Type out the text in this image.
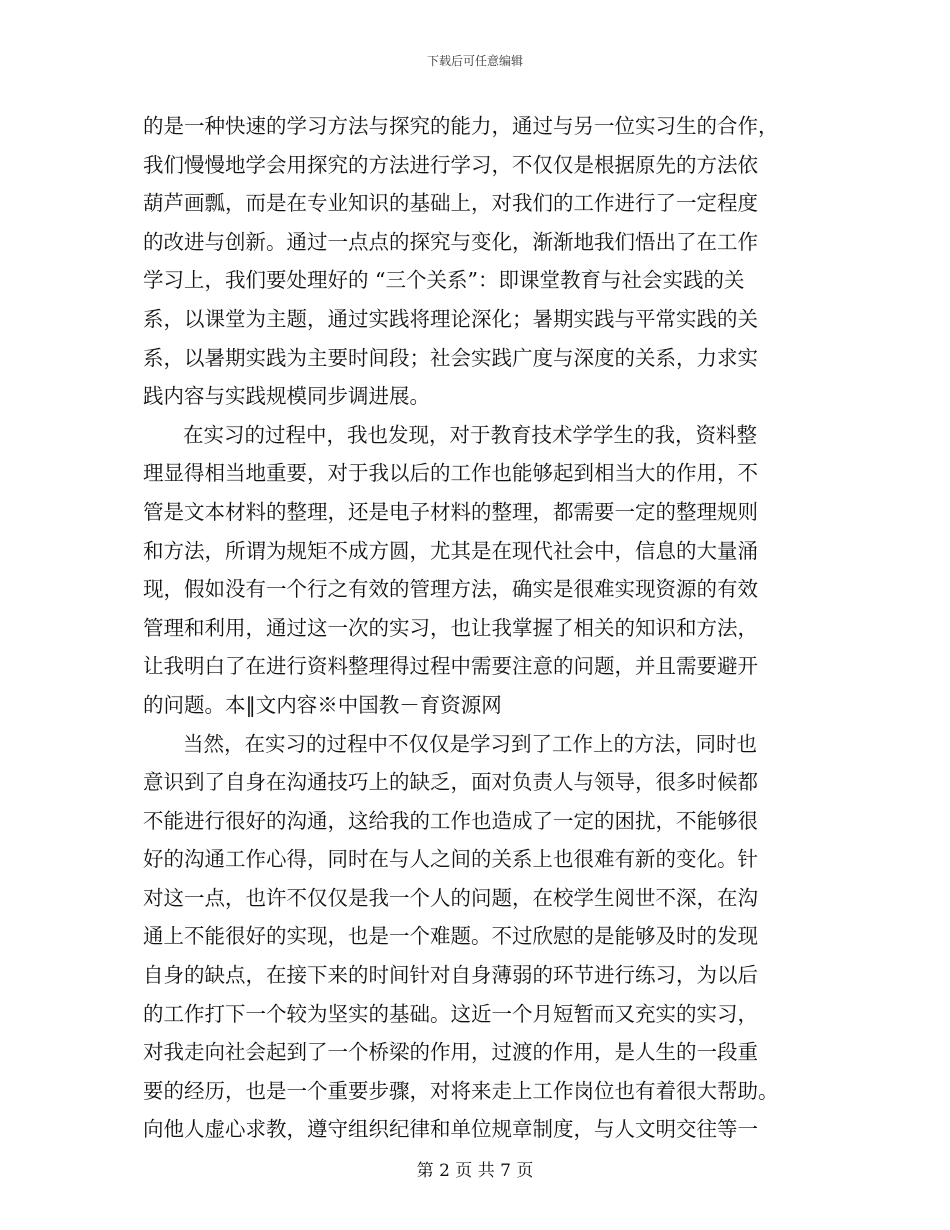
下载后可任意编辑
的是一种快速的学习方法与探究的能力，通过与另一位实习生的合作，
我们慢慢地学会用探究的方法进行学习，不仅仅是根据原先的方法依
葫芦画瓢，而是在专业知识的基础上，对我们的工作进行了一定程度
的改进与创新。通过一点点的探究与变化，渐渐地我们悟出了在工作
学习上，我们要处理好的 “三个关系”：即课堂教育与社会实践的关
系，以课堂为主题，通过实践将理论深化；暑期实践与平常实践的关
系，以暑期实践为主要时间段；社会实践广度与深度的关系，力求实
践内容与实践规模同步调进展。
在实习的过程中，我也发现，对于教育技术学学生的我，资料整
理显得相当地重要，对于我以后的工作也能够起到相当大的作用，不
管是文本材料的整理，还是电子材料的整理，都需要一定的整理规则
和方法，所谓为规矩不成方圆，尤其是在现代社会中，信息的大量涌
现，假如没有一个行之有效的管理方法，确实是很难实现资源的有效
管理和利用，通过这一次的实习，也让我掌握了相关的知识和方法，
让我明白了在进行资料整理得过程中需要注意的问题，并且需要避开
的问题。本‖文内容※中国教－育资源网
当然，在实习的过程中不仅仅是学习到了工作上的方法，同时也
意识到了自身在沟通技巧上的缺乏，面对负责人与领导，很多时候都
不能进行很好的沟通，这给我的工作也造成了一定的困扰，不能够很
好的沟通工作心得，同时在与人之间的关系上也很难有新的变化。针
对这一点，也许不仅仅是我一个人的问题，在校学生阅世不深，在沟
通上不能很好的实现，也是一个难题。不过欣慰的是能够及时的发现
自身的缺点，在接下来的时间针对自身薄弱的环节进行练习，为以后
的工作打下一个较为坚实的基础。这近一个月短暂而又充实的实习，
对我走向社会起到了一个桥梁的作用，过渡的作用，是人生的一段重
要的经历，也是一个重要步骤，对将来走上工作岗位也有着很大帮助。
向他人虚心求教，遵守组织纪律和单位规章制度，与人文明交往等一
第 2 页 共 7 页
